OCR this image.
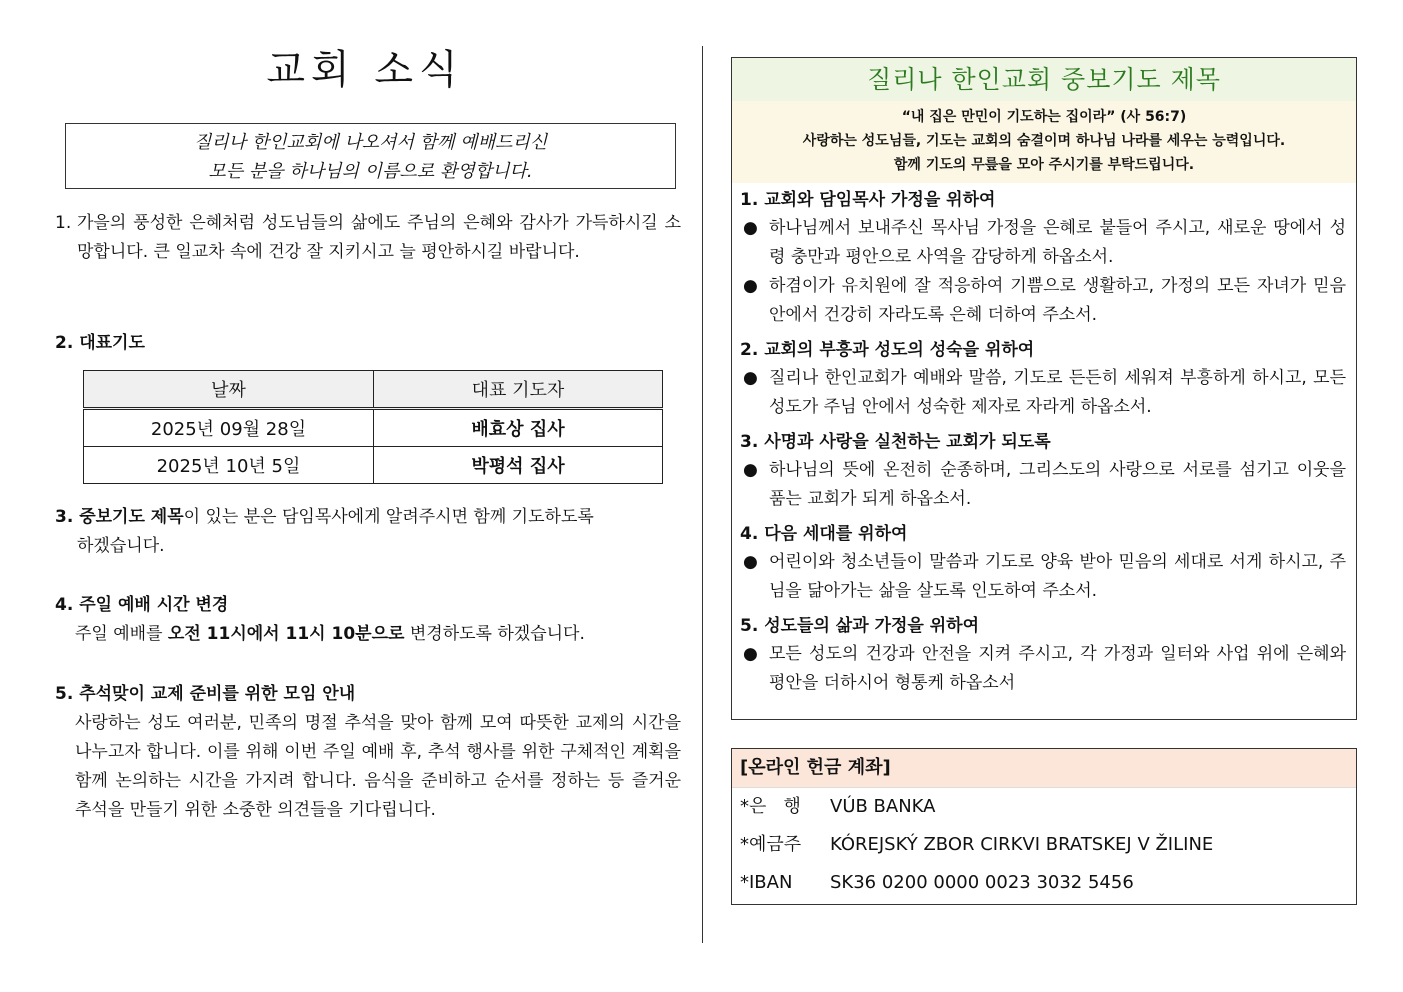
교회 소식
질리나 한인교회에 나오셔서 함께 예배드리신
모든 분을 하나님의 이름으로 환영합니다.
1. 가을의 풍성한 은혜처럼 성도님들의 삶에도 주님의 은혜와 감사가 가득하시길 소망합니다. 큰 일교차 속에 건강 잘 지키시고 늘 평안하시길 바랍니다.
2. 대표기도
날짜	대표 기도자
2025년 09월 28일	배효상 집사
2025년 10년 5일	박평석 집사
3. 중보기도 제목이 있는 분은 담임목사에게 알려주시면 함께 기도하도록
하겠습니다.
4. 주일 예배 시간 변경
주일 예배를 오전 11시에서 11시 10분으로 변경하도록 하겠습니다.
5. 추석맞이 교제 준비를 위한 모임 안내
사랑하는 성도 여러분, 민족의 명절 추석을 맞아 함께 모여 따뜻한 교제의 시간을 나누고자 합니다. 이를 위해 이번 주일 예배 후, 추석 행사를 위한 구체적인 계획을 함께 논의하는 시간을 가지려 합니다. 음식을 준비하고 순서를 정하는 등 즐거운 추석을 만들기 위한 소중한 의견들을 기다립니다.
질리나 한인교회 중보기도 제목
“내 집은 만민이 기도하는 집이라” (사 56:7)
사랑하는 성도님들, 기도는 교회의 숨결이며 하나님 나라를 세우는 능력입니다.
함께 기도의 무릎을 모아 주시기를 부탁드립니다.
1. 교회와 담임목사 가정을 위하여
● 하나님께서 보내주신 목사님 가정을 은혜로 붙들어 주시고, 새로운 땅에서 성령 충만과 평안으로 사역을 감당하게 하옵소서.
● 하겸이가 유치원에 잘 적응하여 기쁨으로 생활하고, 가정의 모든 자녀가 믿음 안에서 건강히 자라도록 은혜 더하여 주소서.
2. 교회의 부흥과 성도의 성숙을 위하여
● 질리나 한인교회가 예배와 말씀, 기도로 든든히 세워져 부흥하게 하시고, 모든 성도가 주님 안에서 성숙한 제자로 자라게 하옵소서.
3. 사명과 사랑을 실천하는 교회가 되도록
● 하나님의 뜻에 온전히 순종하며, 그리스도의 사랑으로 서로를 섬기고 이웃을 품는 교회가 되게 하옵소서.
4. 다음 세대를 위하여
● 어린이와 청소년들이 말씀과 기도로 양육 받아 믿음의 세대로 서게 하시고, 주님을 닮아가는 삶을 살도록 인도하여 주소서.
5. 성도들의 삶과 가정을 위하여
● 모든 성도의 건강과 안전을 지켜 주시고, 각 가정과 일터와 사업 위에 은혜와 평안을 더하시어 형통케 하옵소서
[온라인 헌금 계좌]
*은   행	VÚB BANKA
*예금주	KÓREJSKÝ ZBOR CIRKVI BRATSKEJ V ŽILINE
*IBAN	SK36 0200 0000 0023 3032 5456
